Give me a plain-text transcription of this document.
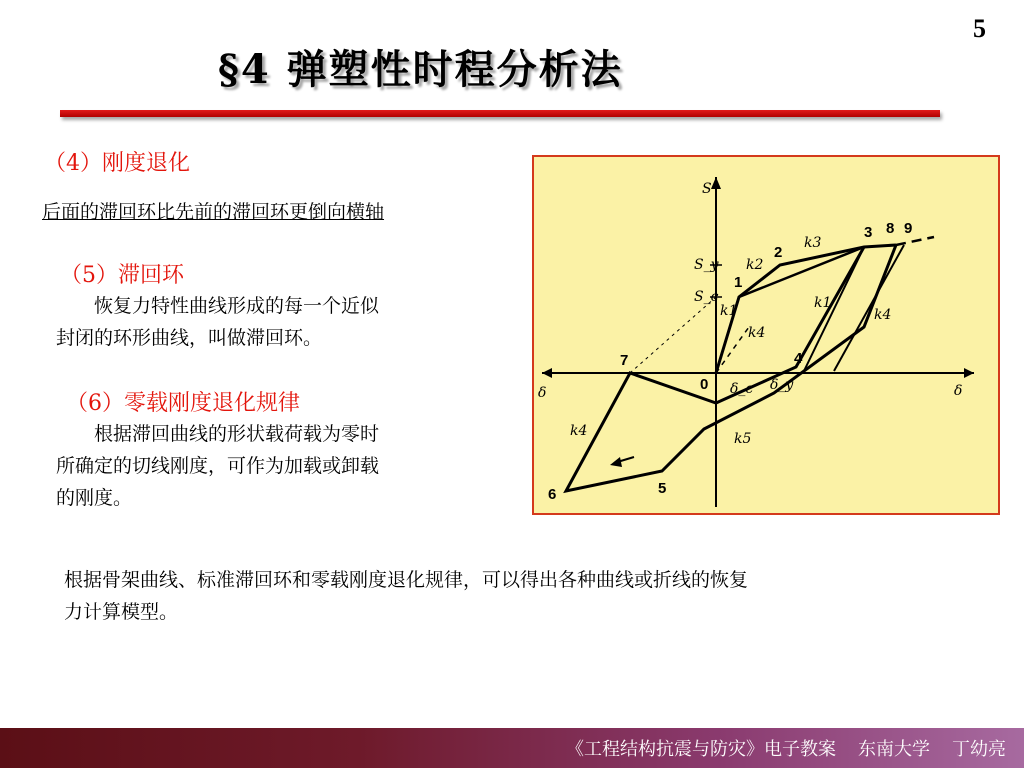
5
§4 弹塑性时程分析法
（4）刚度退化
后面的滞回环比先前的滞回环更倒向横轴
（5）滞回环
　　恢复力特性曲线形成的每一个近似
封闭的环形曲线，叫做滞回环。
（6）零载刚度退化规律
　　根据滞回曲线的形状载荷载为零时
所确定的切线刚度，可作为加载或卸载
的刚度。
S
δ	δ
0
S_y
S_c
δ_c δ_y
1
2
3
4
5
6
7
8 9
k2
k3
k1
k4
k1
k4
k4	k5
根据骨架曲线、标准滞回环和零载刚度退化规律，可以得出各种曲线或折线的恢复
力计算模型。
《工程结构抗震与防灾》电子教案 东南大学 丁幼亮
